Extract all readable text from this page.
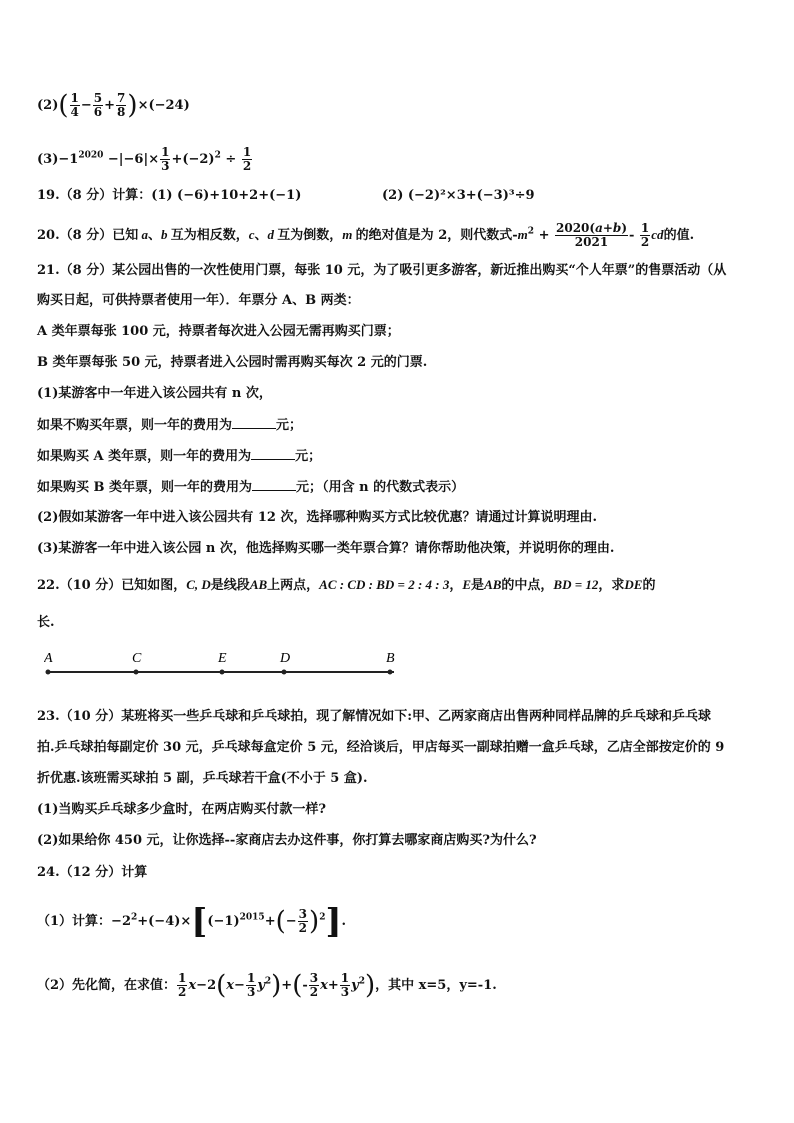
$(2)( \frac{1}{4} - \frac{5}{6} + \frac{7}{8} )\times(-24)$
$(3)-1^{2020} -|-6|\times \frac{1}{3} +(-2)^2 \div \frac{1}{2}$
19.（8 分）计算：(1) (−6)+10+2+(−1)	(2) (−2)²×3+(−3)³÷9
20.（8 分）已知 a、b 互为相反数，c、d 互为倒数，m 的绝对值是为 2，则代数式$-m^2 + \frac{2020(a+b)}{2021} - \frac{1}{2}$ cd的值.
21.（8 分）某公园出售的一次性使用门票，每张 10 元，为了吸引更多游客，新近推出购买“个人年票”的售票活动（从
购买日起，可供持票者使用一年）．年票分 A、B 两类：
A 类年票每张 100 元，持票者每次进入公园无需再购买门票；
B 类年票每张 50 元，持票者进入公园时需再购买每次 2 元的门票.
(1)某游客中一年进入该公园共有 n 次，
如果不购买年票，则一年的费用为	元；
如果购买 A 类年票，则一年的费用为	元；
如果购买 B 类年票，则一年的费用为	元；（用含 n 的代数式表示）
(2)假如某游客一年中进入该公园共有 12 次，选择哪种购买方式比较优惠？请通过计算说明理由.
(3)某游客一年中进入该公园 n 次，他选择购买哪一类年票合算？请你帮助他决策，并说明你的理由.
22.（10 分）已知如图，C, D是线段AB上两点，AC : CD : BD = 2 : 4 : 3，E是AB的中点，BD = 12，求DE的
长.
A	C	E	D	B
23.（10 分）某班将买一些乒乓球和乒乓球拍，现了解情况如下:甲、乙两家商店出售两种同样品牌的乒乓球和乒乓球
拍.乒乓球拍每副定价 30 元，乒乓球每盒定价 5 元，经洽谈后，甲店每买一副球拍赠一盒乒乓球，乙店全部按定价的 9
折优惠.该班需买球拍 5 副，乒乓球若干盒(不小于 5 盒).
(1)当购买乒乓球多少盒时，在两店购买付款一样?
(2)如果给你 450 元，让你选择--家商店去办这件事，你打算去哪家商店购买?为什么?
24.（12 分）计算
（1）计算：$-2^2+(-4)\times[(-1)^{2015}+(- \frac{3}{2} )^2]$.
（2）先化简，在求值： $\frac{1}{2} x-2(x- \frac{1}{3} y^2)+(- \frac{3}{2} x+ \frac{1}{3} y^2)$，其中 x=5，y=-1.
